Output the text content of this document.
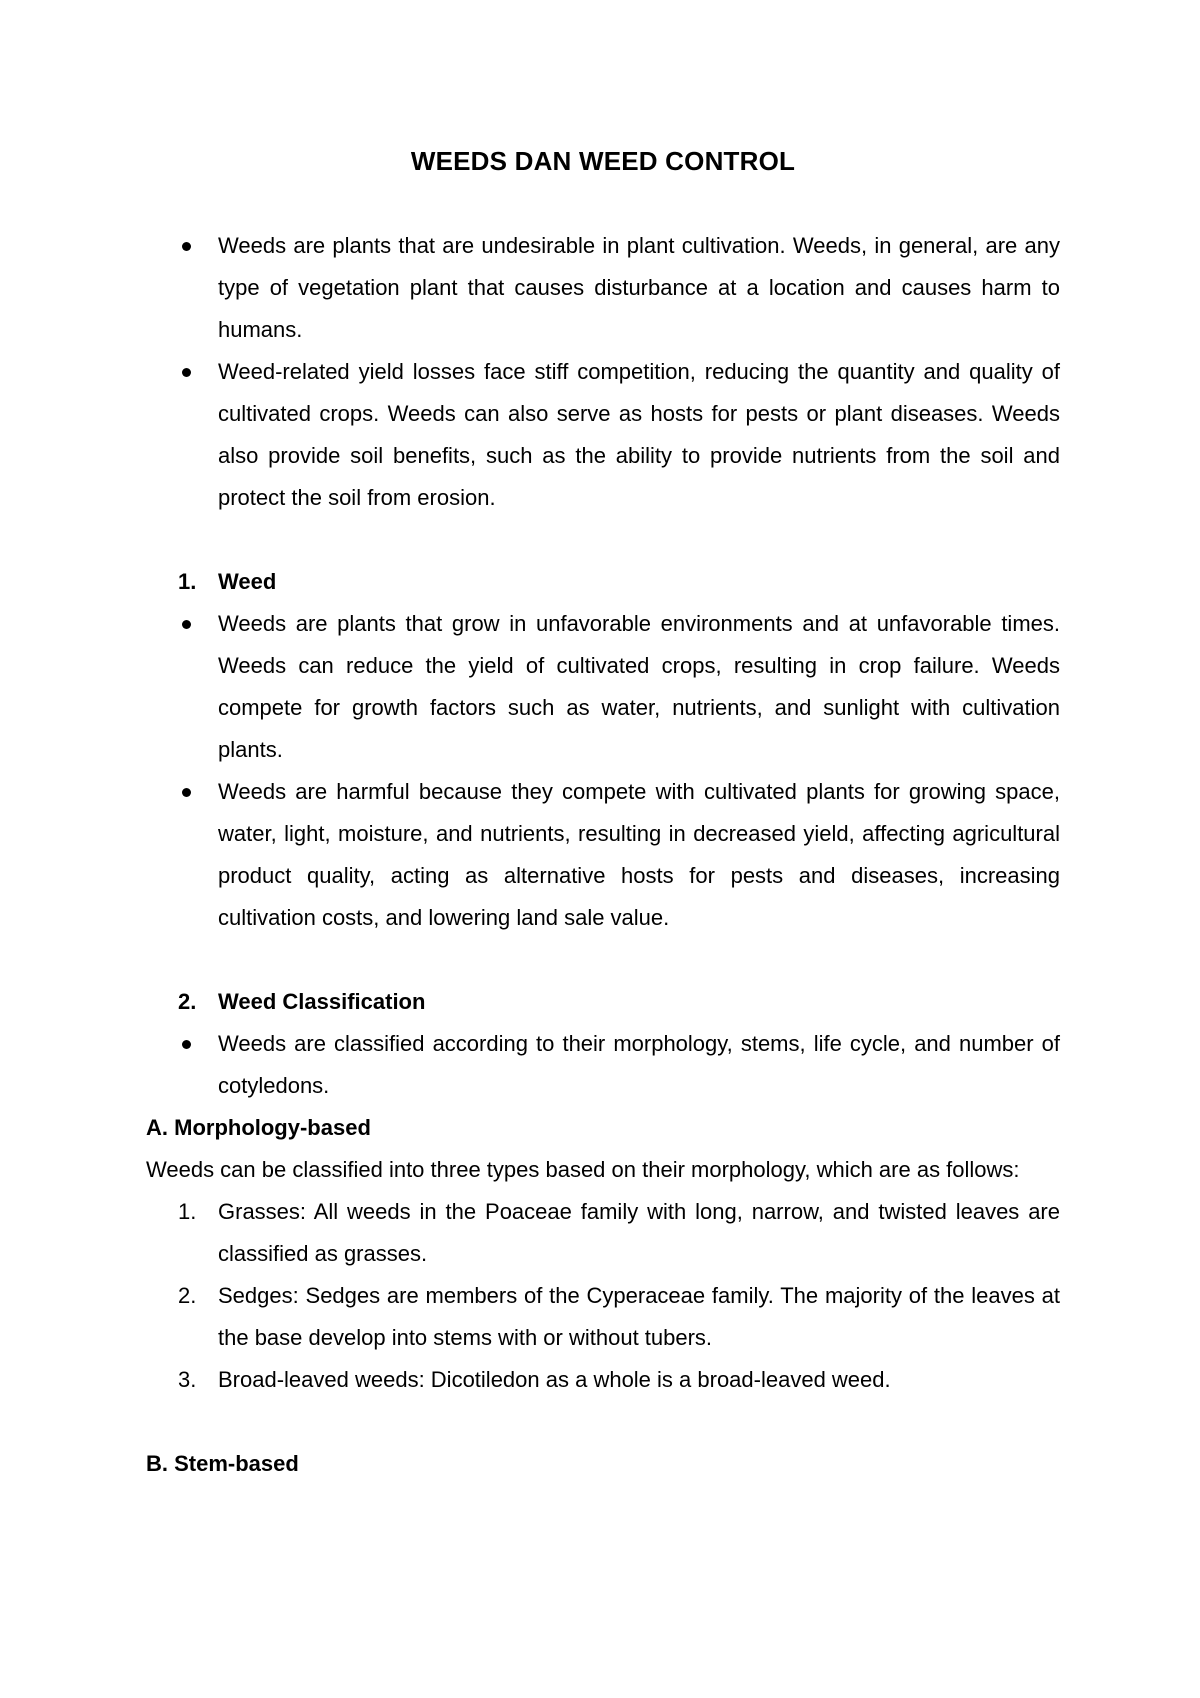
WEEDS DAN WEED CONTROL
Weeds are plants that are undesirable in plant cultivation. Weeds, in general, are any type of vegetation plant that causes disturbance at a location and causes harm to humans.
Weed-related yield losses face stiff competition, reducing the quantity and quality of cultivated crops. Weeds can also serve as hosts for pests or plant diseases. Weeds also provide soil benefits, such as the ability to provide nutrients from the soil and protect the soil from erosion.
1. Weed
Weeds are plants that grow in unfavorable environments and at unfavorable times. Weeds can reduce the yield of cultivated crops, resulting in crop failure. Weeds compete for growth factors such as water, nutrients, and sunlight with cultivation plants.
Weeds are harmful because they compete with cultivated plants for growing space, water, light, moisture, and nutrients, resulting in decreased yield, affecting agricultural product quality, acting as alternative hosts for pests and diseases, increasing cultivation costs, and lowering land sale value.
2. Weed Classification
Weeds are classified according to their morphology, stems, life cycle, and number of cotyledons.
A. Morphology-based
Weeds can be classified into three types based on their morphology, which are as follows:
1. Grasses: All weeds in the Poaceae family with long, narrow, and twisted leaves are classified as grasses.
2. Sedges: Sedges are members of the Cyperaceae family. The majority of the leaves at the base develop into stems with or without tubers.
3. Broad-leaved weeds: Dicotiledon as a whole is a broad-leaved weed.
B. Stem-based
